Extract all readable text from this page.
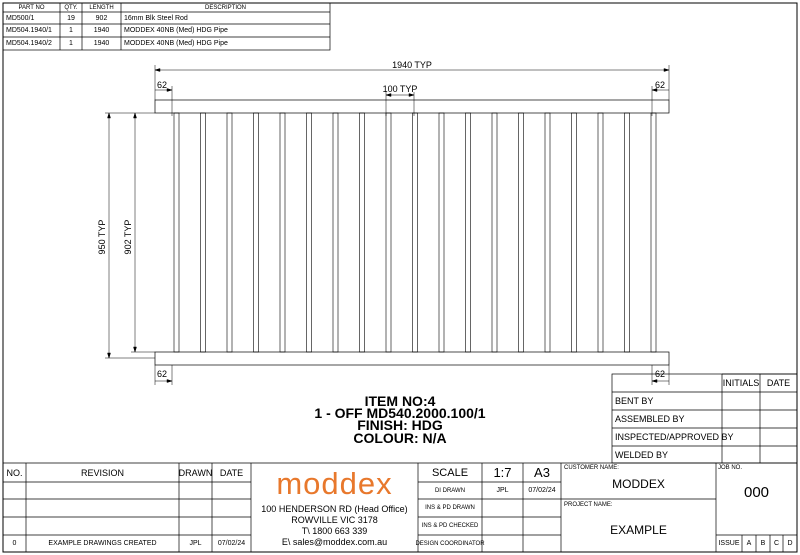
PART NO	QTY.	LENGTH	DESCRIPTION
MD500/1	19	902	16mm Blk Steel Rod
MD504.1940/1	1	1940	MODDEX 40NB (Med) HDG Pipe
MD504.1940/2	1	1940	MODDEX 40NB (Med) HDG Pipe
1940 TYP
62	62
100 TYP
62	62
950 TYP 902 TYP
ITEM NO:4
1 - OFF MD540.2000.100/1
FINISH: HDG
COLOUR: N/A
INITIALS DATE
BENT BY
ASSEMBLED BY
INSPECTED/APPROVED BY
WELDED BY
NO.	REVISION	DRAWN DATE
0	EXAMPLE DRAWINGS CREATED	JPL	07/02/24
moddex
100 HENDERSON RD (Head Office)
ROWVILLE VIC 3178
T\ 1800 663 339
E\ sales@moddex.com.au
SCALE	1:7	A3
DI DRAWN	JPL	07/02/24
INS & PD DRAWN
INS & PD CHECKED
DESIGN COORDINATOR
CUSTOMER NAME:
MODDEX
PROJECT NAME:
EXAMPLE
JOB NO.
000
ISSUE	A	B	C	D
